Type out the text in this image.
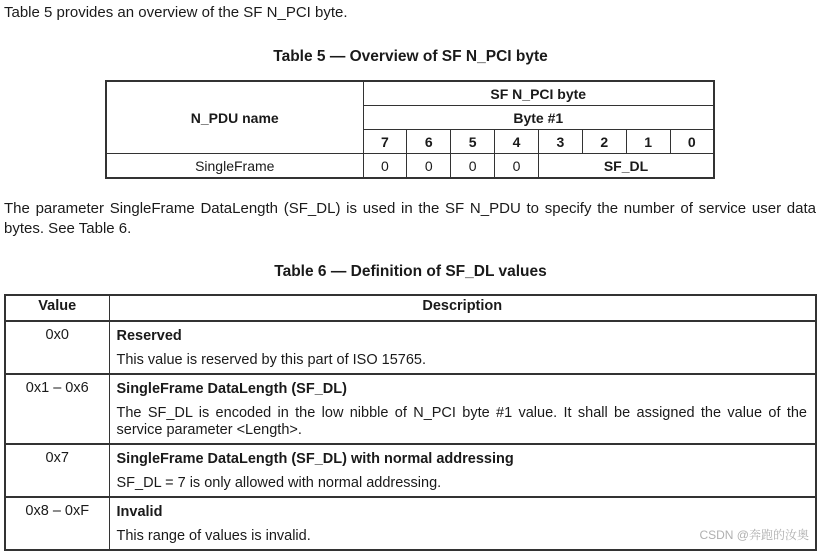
Table 5 provides an overview of the SF N_PCI byte.

Table 5 — Overview of SF N_PCI byte

N_PDU name	SF N_PCI byte							
	Byte #1							
	7	6	5	4	3	2	1	0
SingleFrame	0	0	0	0	SF_DL			

The parameter SingleFrame DataLength (SF_DL) is used in the SF N_PDU to specify the number of service user data bytes. See Table 6.

Table 6 — Definition of SF_DL values

Value	Description
0x0	Reserved
This value is reserved by this part of ISO 15765.

0x1 – 0x6	SingleFrame DataLength (SF_DL)
The SF_DL is encoded in the low nibble of N_PCI byte #1 value. It shall be assigned the value of the service parameter <Length>.

0x7	SingleFrame DataLength (SF_DL) with normal addressing
SF_DL = 7 is only allowed with normal addressing.

0x8 – 0xF	Invalid
This range of values is invalid.	CSDN @奔跑的汝奥
